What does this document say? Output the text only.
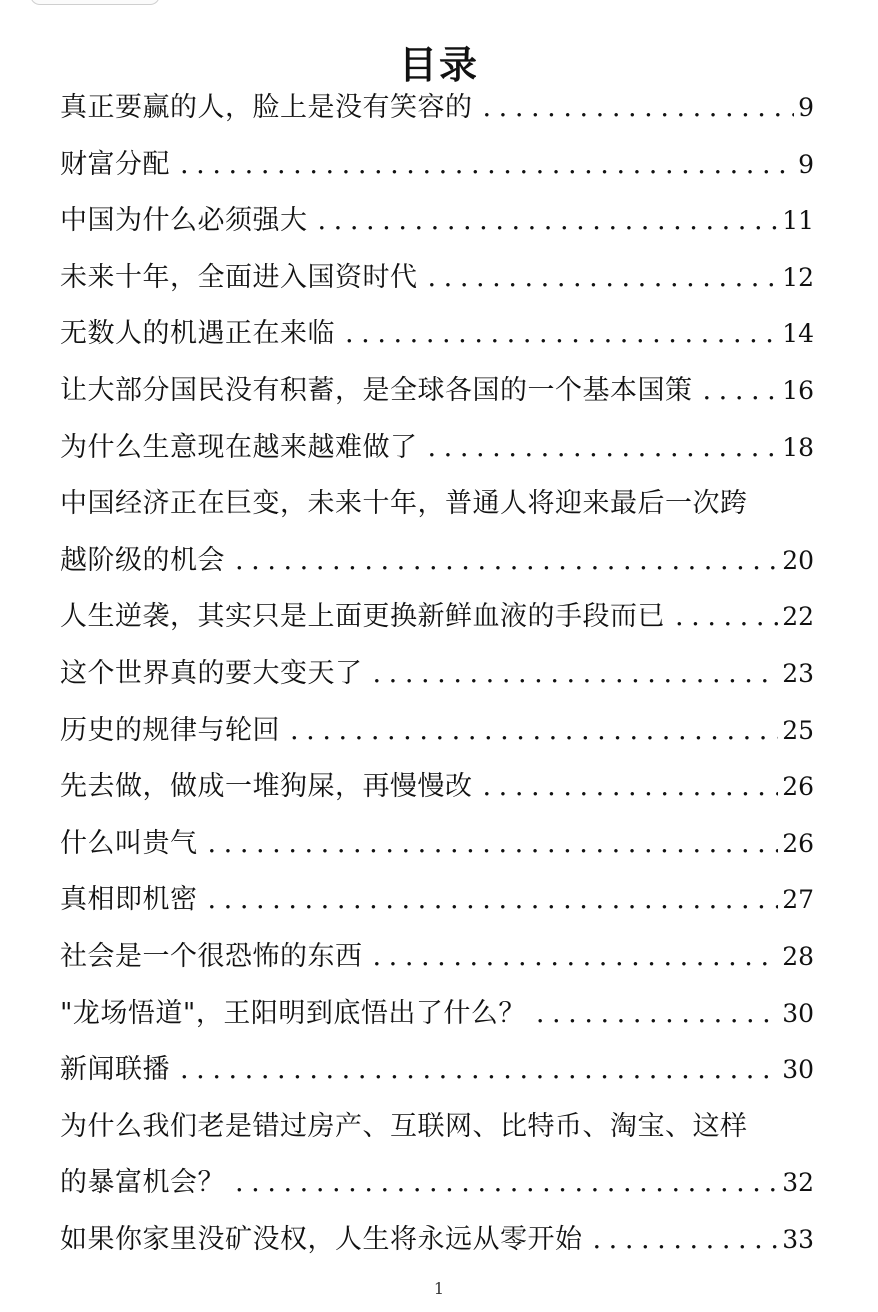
目录
真正要赢的人，脸上是没有笑容的 . . .	9
财富分配 . . .	9
中国为什么必须强大 . . .	11
未来十年，全面进入国资时代 . . .	12
无数人的机遇正在来临 . . .	14
让大部分国民没有积蓄，是全球各国的一个基本国策 . . .	16
为什么生意现在越来越难做了 . . .	18
中国经济正在巨变，未来十年，普通人将迎来最后一次跨
越阶级的机会 . . .	20
人生逆袭，其实只是上面更换新鲜血液的手段而已 . . .	22
这个世界真的要大变天了 . . .	23
历史的规律与轮回 . . .	25
先去做，做成一堆狗屎，再慢慢改 . . .	26
什么叫贵气 . . .	26
真相即机密 . . .	27
社会是一个很恐怖的东西 . . .	28
"龙场悟道"，王阳明到底悟出了什么？ . . .	30
新闻联播 . . .	30
为什么我们老是错过房产、互联网、比特币、淘宝、这样
的暴富机会？ . . .	32
如果你家里没矿没权，人生将永远从零开始 . . .	33
1
